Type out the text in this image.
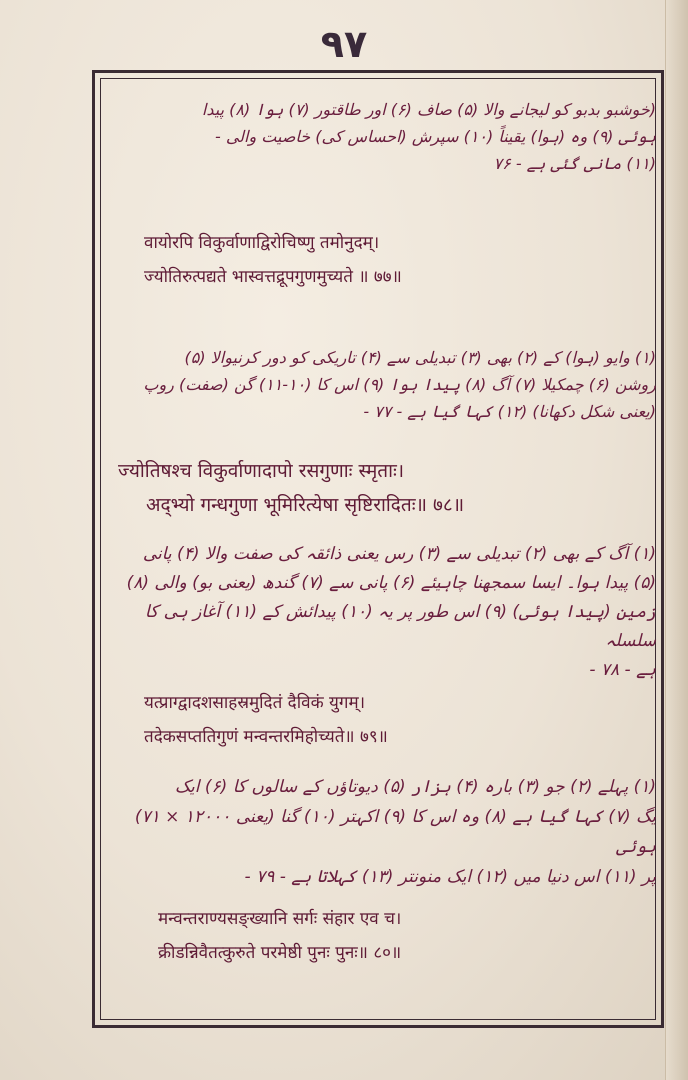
۹۷
(خوشبو بدبو کو لیجانے والا (۵) صاف (۶) اور طاقتور (۷) ہوا (۸) پیدا
ہوئی (۹) وہ (ہوا) یقیناً (۱۰) سپرش (احساس کی) خاصیت والی -
(۱۱) مانی گئی ہے - ۷۶
वायोरपि विकुर्वाणाद्विरोचिष्णु तमोनुदम्।
ज्योतिरुत्पद्यते भास्वत्तद्रूपगुणमुच्यते ॥ ७७॥
(۱) وایو (ہوا) کے (۲) بھی (۳) تبدیلی سے (۴) تاریکی کو دور کرنیوالا (۵)
روشن (۶) چمکیلا (۷) آگ (۸) پیدا ہوا (۹) اس کا (۱۰-۱۱) گن (صفت) روپ
(یعنی شکل دکھانا) (۱۲) کہا گیا ہے - ۷۷ -
ज्योतिषश्च विकुर्वाणादापो रसगुणाः स्मृताः।
अद्भ्यो गन्धगुणा भूमिरित्येषा सृष्टिरादितः॥ ७८॥
(۱) آگ کے بھی (۲) تبدیلی سے (۳) رس یعنی ذائقہ کی صفت والا (۴) پانی
(۵) پیدا ہوا۔ ایسا سمجھنا چاہیئے (۶) پانی سے (۷) گندھ (یعنی بو) والی (۸)
زمین (پیدا ہوئی) (۹) اس طور پر یہ (۱۰) پیدائش کے (۱۱) آغاز ہی کا سلسلہ
ہے - ۷۸ -
यत्प्राग्द्वादशसाहस्रमुदितं दैविकं युगम्।
तदेकसप्ततिगुणं मन्वन्तरमिहोच्यते॥ ७९॥
(۱) پہلے (۲) جو (۳) بارہ (۴) ہزار (۵) دیوتاؤں کے سالوں کا (۶) ایک
یگ (۷) کہا گیا ہے (۸) وہ اس کا (۹) اکہتر (۱۰) گنا (یعنی ۱۲۰۰۰ × ۷۱) ہوئی
پر (۱۱) اس دنیا میں (۱۲) ایک منونتر (۱۳) کہلاتا ہے - ۷۹ -
मन्वन्तराण्यसङ्ख्यानि सर्गः संहार एव च।
क्रीडन्निवैतत्कुरुते परमेष्ठी पुनः पुनः॥ ८०॥
